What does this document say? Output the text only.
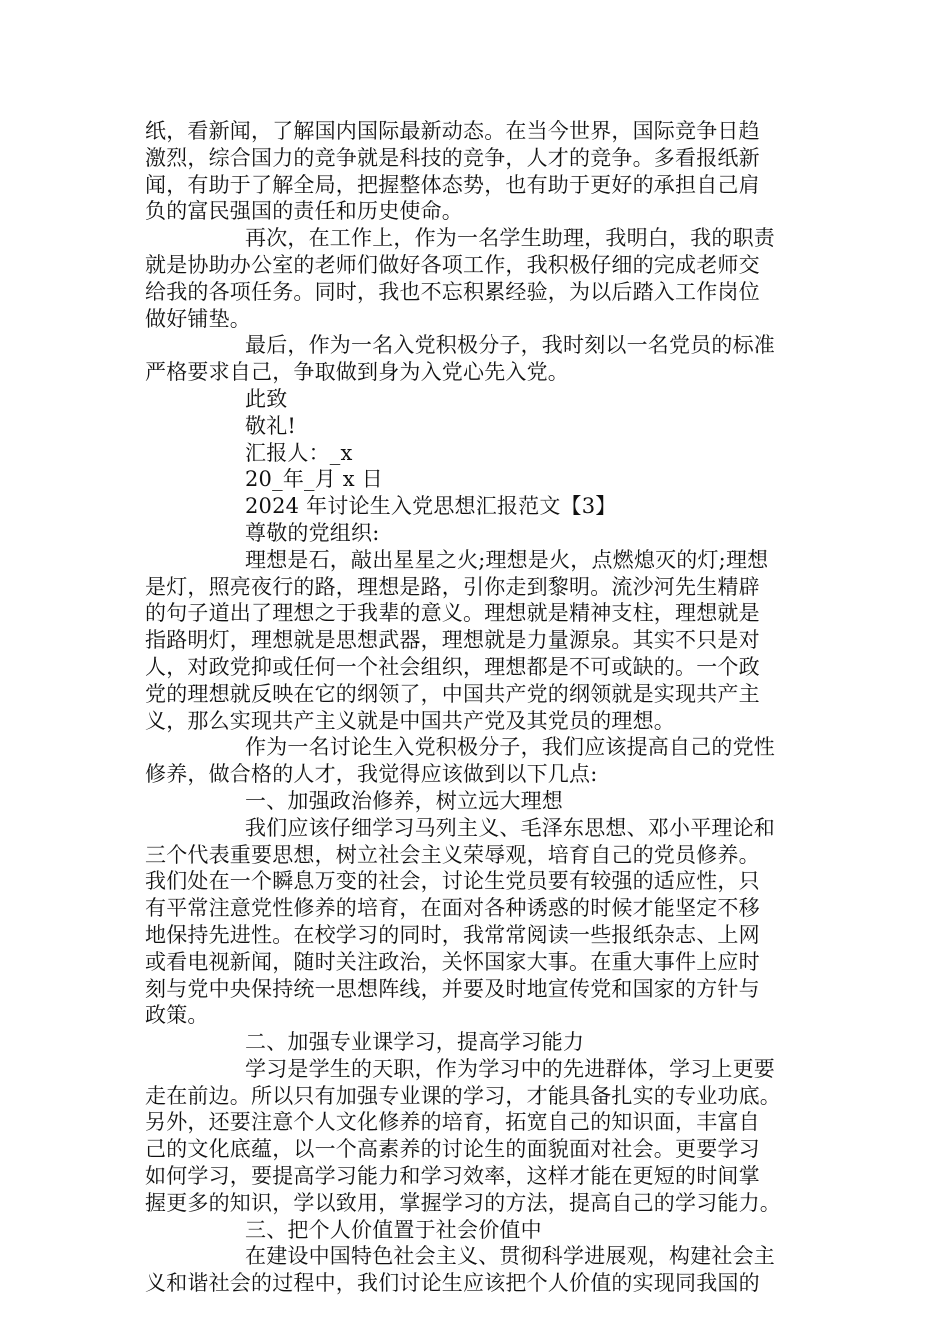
纸，看新闻，了解国内国际最新动态。在当今世界，国际竞争日趋
激烈，综合国力的竞争就是科技的竞争，人才的竞争。多看报纸新
闻，有助于了解全局，把握整体态势，也有助于更好的承担自己肩
负的富民强国的责任和历史使命。
再次，在工作上，作为一名学生助理，我明白，我的职责
就是协助办公室的老师们做好各项工作，我积极仔细的完成老师交
给我的各项任务。同时，我也不忘积累经验，为以后踏入工作岗位
做好铺垫。
最后，作为一名入党积极分子，我时刻以一名党员的标准
严格要求自己，争取做到身为入党心先入党。
此致
敬礼!
汇报人：_x
20_年_月 x 日
2024 年讨论生入党思想汇报范文【3】
尊敬的党组织:
理想是石，敲出星星之火;理想是火，点燃熄灭的灯;理想
是灯，照亮夜行的路，理想是路，引你走到黎明。流沙河先生精辟
的句子道出了理想之于我辈的意义。理想就是精神支柱，理想就是
指路明灯，理想就是思想武器，理想就是力量源泉。其实不只是对
人，对政党抑或任何一个社会组织，理想都是不可或缺的。一个政
党的理想就反映在它的纲领了，中国共产党的纲领就是实现共产主
义，那么实现共产主义就是中国共产党及其党员的理想。
作为一名讨论生入党积极分子，我们应该提高自己的党性
修养，做合格的人才，我觉得应该做到以下几点:
一、加强政治修养，树立远大理想
我们应该仔细学习马列主义、毛泽东思想、邓小平理论和
三个代表重要思想，树立社会主义荣辱观，培育自己的党员修养。
我们处在一个瞬息万变的社会，讨论生党员要有较强的适应性，只
有平常注意党性修养的培育，在面对各种诱惑的时候才能坚定不移
地保持先进性。在校学习的同时，我常常阅读一些报纸杂志、上网
或看电视新闻，随时关注政治，关怀国家大事。在重大事件上应时
刻与党中央保持统一思想阵线，并要及时地宣传党和国家的方针与
政策。
二、加强专业课学习，提高学习能力
学习是学生的天职，作为学习中的先进群体，学习上更要
走在前边。所以只有加强专业课的学习，才能具备扎实的专业功底。
另外，还要注意个人文化修养的培育，拓宽自己的知识面，丰富自
己的文化底蕴，以一个高素养的讨论生的面貌面对社会。更要学习
如何学习，要提高学习能力和学习效率，这样才能在更短的时间掌
握更多的知识，学以致用，掌握学习的方法，提高自己的学习能力。
三、把个人价值置于社会价值中
在建设中国特色社会主义、贯彻科学进展观，构建社会主
义和谐社会的过程中，我们讨论生应该把个人价值的实现同我国的
